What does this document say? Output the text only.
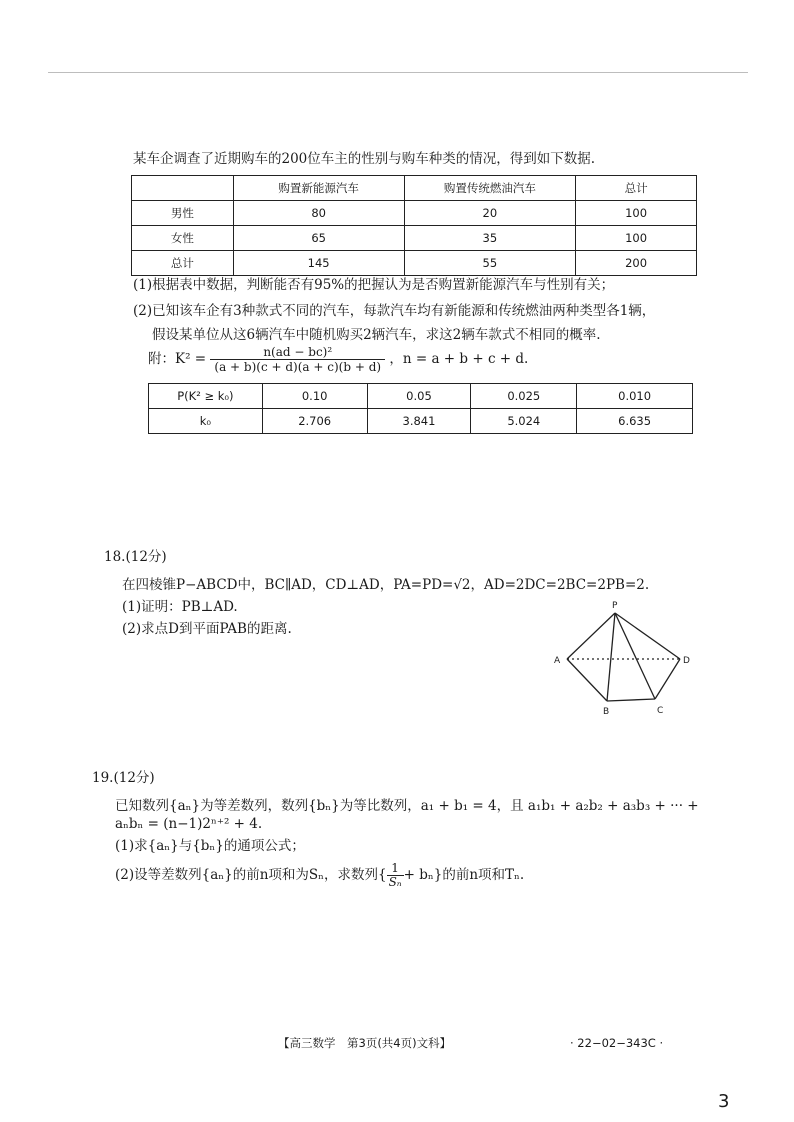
某车企调查了近期购车的200位车主的性别与购车种类的情况，得到如下数据.
	购置新能源汽车	购置传统燃油汽车	总计
男性	80	20	100
女性	65	35	100
总计	145	55	200
(1)根据表中数据，判断能否有95%的把握认为是否购置新能源汽车与性别有关；
(2)已知该车企有3种款式不同的汽车，每款汽车均有新能源和传统燃油两种类型各1辆，
假设某单位从这6辆汽车中随机购买2辆汽车，求这2辆车款式不相同的概率.
附：$K^2 = \frac{\text{n(ad − bc)²}}{(a + b)(c + d)(a + c)(b + d)}$ ，n = a + b + c + d.
P(K² ≥ k₀)	0.10	0.05	0.025	0.010
k₀	2.706	3.841	5.024	6.635
18.(12分)
在四棱锥P−ABCD中，BC∥AD，CD⊥AD，PA=PD=√2，AD=2DC=2BC=2PB=2.
(1)证明：PB⊥AD.
(2)求点D到平面PAB的距离.
P
A
B	C
D
19.(12分)
已知数列{aₙ}为等差数列，数列{bₙ}为等比数列，a₁ + b₁ = 4，且 a₁b₁ + a₂b₂ + a₃b₃ + ··· +
aₙbₙ = (n−1)2ⁿ⁺² + 4.
(1)求{aₙ}与{bₙ}的通项公式；
(2)设等差数列{aₙ}的前n项和为Sₙ，求数列{ $\frac{1}{\text{Sₙ}} + b_n$}的前n项和Tₙ.
【高三数学　第3页(共4页)文科】	· 22−02−343C ·
3
